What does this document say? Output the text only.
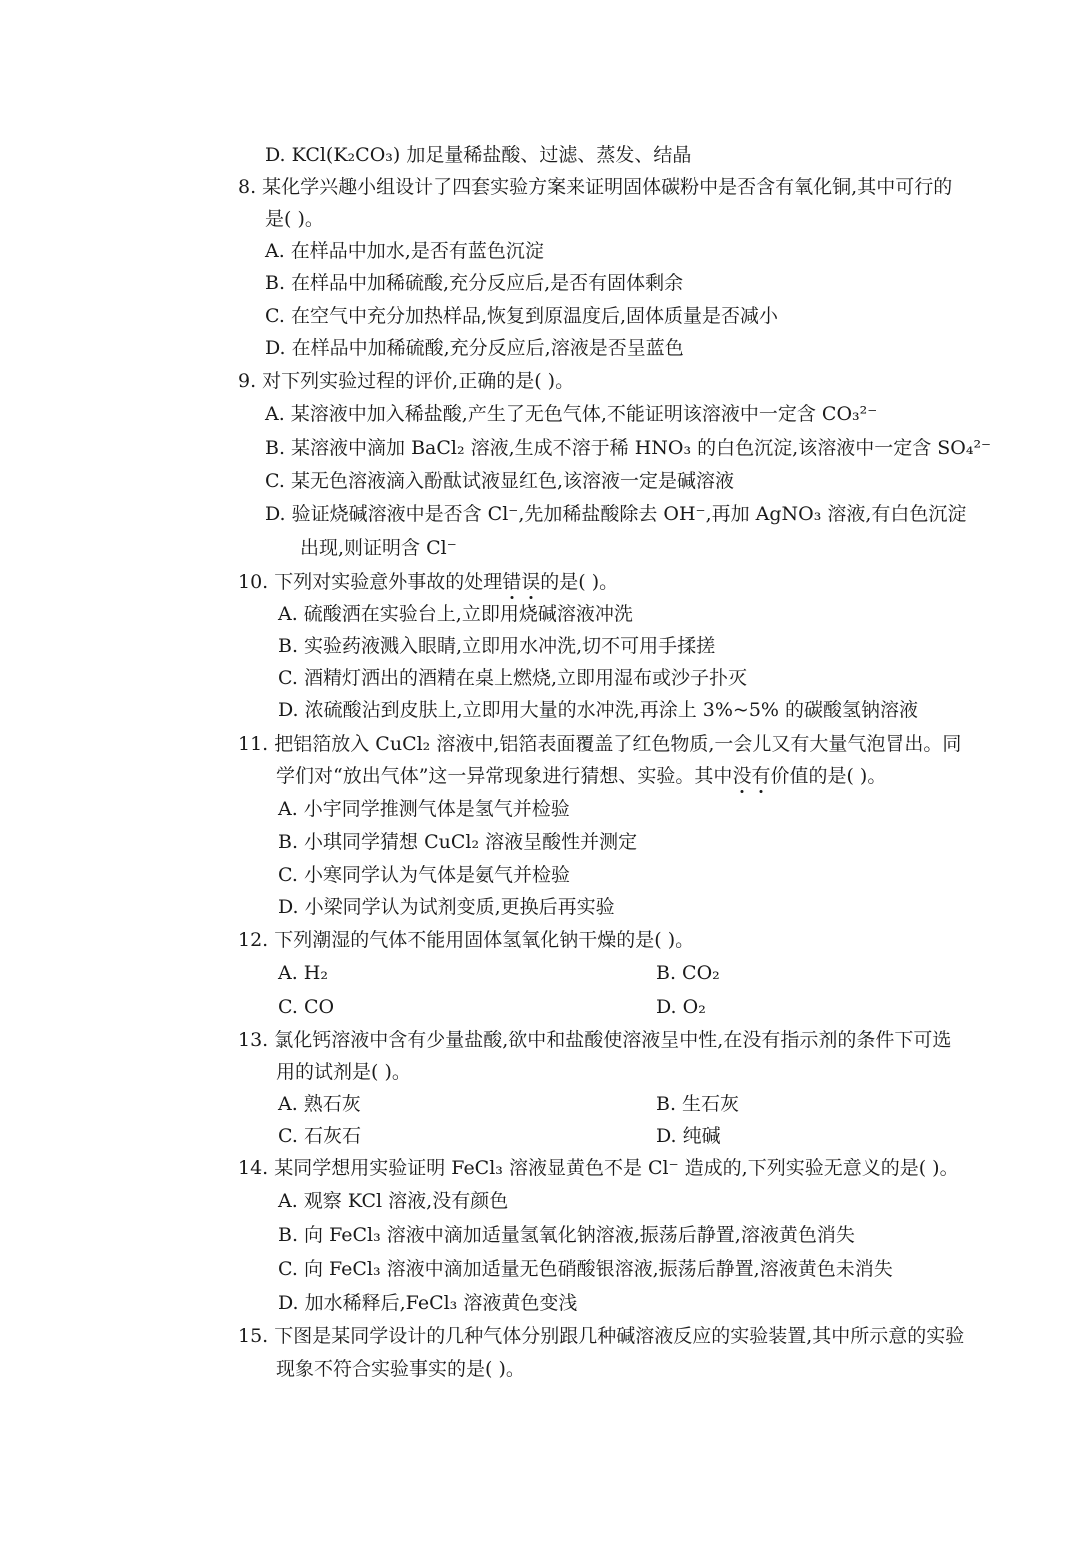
D. KCl(K₂CO₃) 加足量稀盐酸、过滤、蒸发、结晶
8. 某化学兴趣小组设计了四套实验方案来证明固体碳粉中是否含有氧化铜,其中可行的
是( )。
A. 在样品中加水,是否有蓝色沉淀
B. 在样品中加稀硫酸,充分反应后,是否有固体剩余
C. 在空气中充分加热样品,恢复到原温度后,固体质量是否减小
D. 在样品中加稀硫酸,充分反应后,溶液是否呈蓝色
9. 对下列实验过程的评价,正确的是( )。
A. 某溶液中加入稀盐酸,产生了无色气体,不能证明该溶液中一定含 CO₃²⁻
B. 某溶液中滴加 BaCl₂ 溶液,生成不溶于稀 HNO₃ 的白色沉淀,该溶液中一定含 SO₄²⁻
C. 某无色溶液滴入酚酞试液显红色,该溶液一定是碱溶液
D. 验证烧碱溶液中是否含 Cl⁻,先加稀盐酸除去 OH⁻,再加 AgNO₃ 溶液,有白色沉淀
出现,则证明含 Cl⁻
10. 下列对实验意外事故的处理错误的是( )。
A. 硫酸洒在实验台上,立即用烧碱溶液冲洗
B. 实验药液溅入眼睛,立即用水冲洗,切不可用手揉搓
C. 酒精灯洒出的酒精在桌上燃烧,立即用湿布或沙子扑灭
D. 浓硫酸沾到皮肤上,立即用大量的水冲洗,再涂上 3%~5% 的碳酸氢钠溶液
11. 把铝箔放入 CuCl₂ 溶液中,铝箔表面覆盖了红色物质,一会儿又有大量气泡冒出。同
学们对“放出气体”这一异常现象进行猜想、实验。其中没有价值的是( )。
A. 小宇同学推测气体是氢气并检验
B. 小琪同学猜想 CuCl₂ 溶液呈酸性并测定
C. 小寒同学认为气体是氨气并检验
D. 小梁同学认为试剂变质,更换后再实验
12. 下列潮湿的气体不能用固体氢氧化钠干燥的是( )。
A. H₂	B. CO₂
C. CO	D. O₂
13. 氯化钙溶液中含有少量盐酸,欲中和盐酸使溶液呈中性,在没有指示剂的条件下可选
用的试剂是( )。
A. 熟石灰	B. 生石灰
C. 石灰石	D. 纯碱
14. 某同学想用实验证明 FeCl₃ 溶液显黄色不是 Cl⁻ 造成的,下列实验无意义的是( )。
A. 观察 KCl 溶液,没有颜色
B. 向 FeCl₃ 溶液中滴加适量氢氧化钠溶液,振荡后静置,溶液黄色消失
C. 向 FeCl₃ 溶液中滴加适量无色硝酸银溶液,振荡后静置,溶液黄色未消失
D. 加水稀释后,FeCl₃ 溶液黄色变浅
15. 下图是某同学设计的几种气体分别跟几种碱溶液反应的实验装置,其中所示意的实验
现象不符合实验事实的是( )。
